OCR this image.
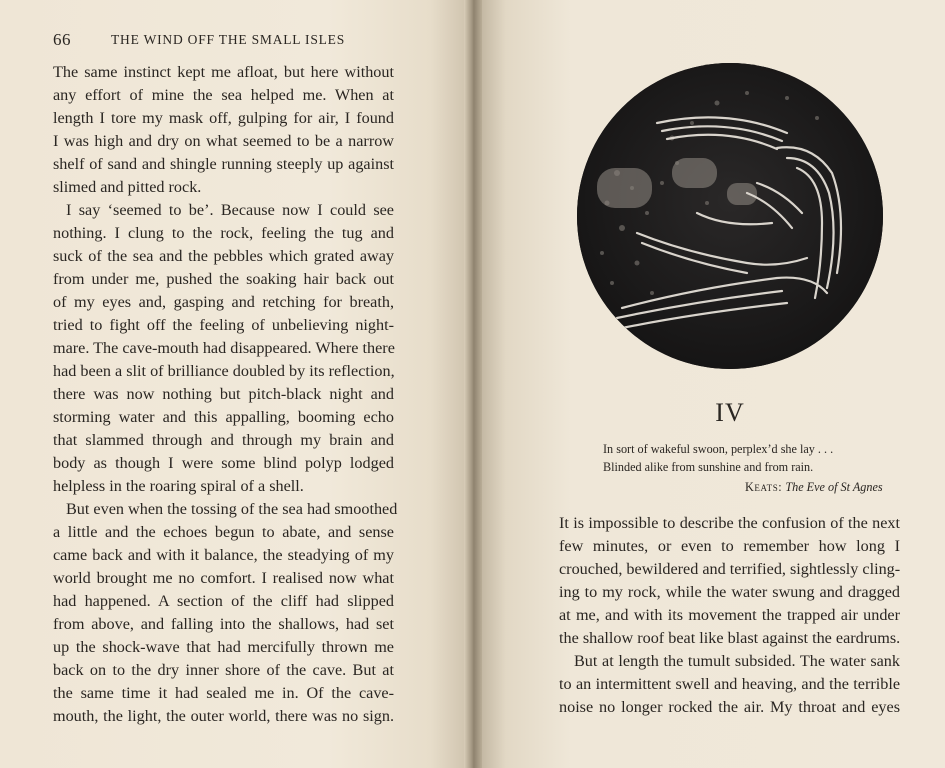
66	THE WIND OFF THE SMALL ISLES
The same instinct kept me afloat, but here without
any effort of mine the sea helped me. When at
length I tore my mask off, gulping for air, I found
I was high and dry on what seemed to be a narrow
shelf of sand and shingle running steeply up against
slimed and pitted rock.
I say ‘seemed to be’. Because now I could see
nothing. I clung to the rock, feeling the tug and
suck of the sea and the pebbles which grated away
from under me, pushed the soaking hair back out
of my eyes and, gasping and retching for breath,
tried to fight off the feeling of unbelieving night-
mare. The cave-mouth had disappeared. Where there
had been a slit of brilliance doubled by its reflection,
there was now nothing but pitch-black night and
storming water and this appalling, booming echo
that slammed through and through my brain and
body as though I were some blind polyp lodged
helpless in the roaring spiral of a shell.
But even when the tossing of the sea had smoothed
a little and the echoes begun to abate, and sense
came back and with it balance, the steadying of my
world brought me no comfort. I realised now what
had happened. A section of the cliff had slipped
from above, and falling into the shallows, had set
up the shock-wave that had mercifully thrown me
back on to the dry inner shore of the cave. But at
the same time it had sealed me in. Of the cave-
mouth, the light, the outer world, there was no sign.
IV
In sort of wakeful swoon, perplex’d she lay . . .
Blinded alike from sunshine and from rain.
Keats: The Eve of St Agnes
It is impossible to describe the confusion of the next
few minutes, or even to remember how long I
crouched, bewildered and terrified, sightlessly cling-
ing to my rock, while the water swung and dragged
at me, and with its movement the trapped air under
the shallow roof beat like blast against the eardrums.
But at length the tumult subsided. The water sank
to an intermittent swell and heaving, and the terrible
noise no longer rocked the air. My throat and eyes
